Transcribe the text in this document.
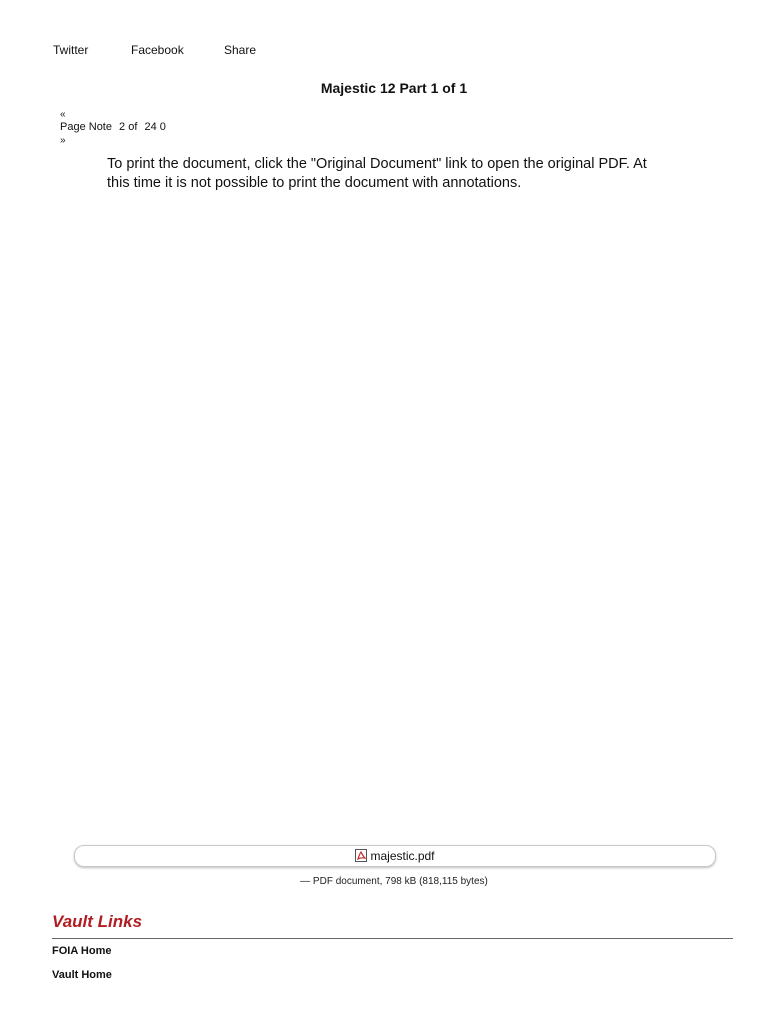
Twitter	Facebook	Share
Majestic 12 Part 1 of 1
«
Page Note 2 of 24 0
»

To print the document, click the "Original Document" link to open the original PDF. At this time it is not possible to print the document with annotations.

majestic.pdf
— PDF document, 798 kB (818,115 bytes)
Vault Links
FOIA Home
Vault Home
